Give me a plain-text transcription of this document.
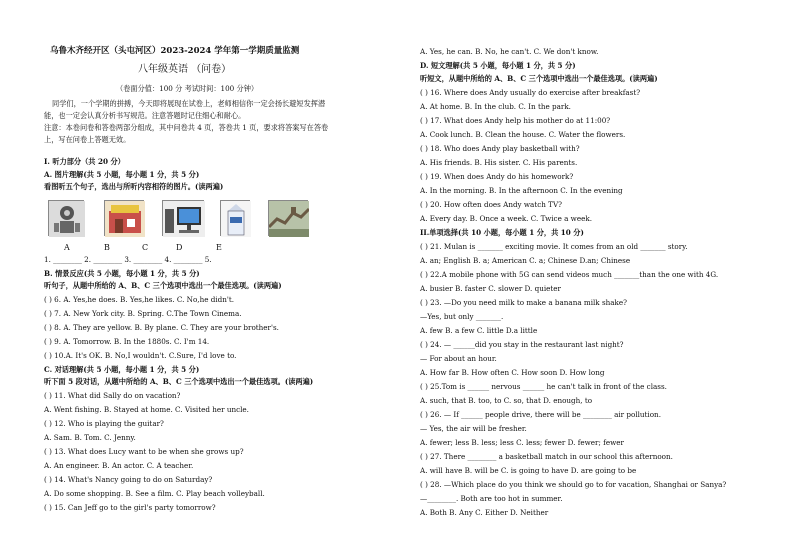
乌鲁木齐经开区（头屯河区）2023-2024 学年第一学期质量监测
八年级英语 （问卷）
（卷面分值：100 分 考试时间：100 分钟）
同学们，一个学期的拼搏，今天即将展现在试卷上，老师相信你一定会扬长避短发挥潜
能，也一定会认真分析书写规范。注意答题时记住细心和耐心。
注意：本卷问卷和答卷两部分组成，其中问卷共 4 页，答卷共 1 页，要求将答案写在答卷
上，写在问卷上答题无效。
I. 听力部分（共 20 分）
A. 图片理解(共 5 小题，每小题 1 分，共 5 分)
看图听五个句子，选出与所听内容相符的图片。(读两遍)
A	B	C	D	E
1. ________ 2. ________ 3. ________ 4. ________ 5.
B. 情景反应(共 5 小题，每小题 1 分，共 5 分)
听句子，从题中所给的 A、B、C 三个选项中选出一个最佳选项。(读两遍)
( ) 6. A. Yes,he does. B. Yes,he likes. C. No,he didn't.
( ) 7. A. New York city. B. Spring. C.The Town Cinema.
( ) 8. A. They are yellow. B. By plane. C. They are your brother's.
( ) 9. A. Tomorrow. B. In the 1880s. C. I'm 14.
( ) 10.A. It's OK. B. No,I wouldn't. C.Sure, I'd love to.
C. 对话理解(共 5 小题，每小题 1 分，共 5 分)
听下面 5 段对话，从题中所给的 A、B、C 三个选项中选出一个最佳选项。(读两遍)
( ) 11. What did Sally do on vacation?
A. Went fishing. B. Stayed at home. C. Visited her uncle.
( ) 12. Who is playing the guitar?
A. Sam. B. Tom. C. Jenny.
( ) 13. What does Lucy want to be when she grows up?
A. An engineer. B. An actor. C. A teacher.
( ) 14. What's Nancy going to do on Saturday?
A. Do some shopping. B. See a film. C. Play beach volleyball.
( ) 15. Can Jeff go to the girl's party tomorrow?
A. Yes, he can. B. No, he can't. C. We don't know.
D. 短文理解(共 5 小题，每小题 1 分，共 5 分)
听短文，从题中所给的 A、B、C 三个选项中选出一个最佳选项。(读两遍)
( ) 16. Where does Andy usually do exercise after breakfast?
A. At home. B. In the club. C. In the park.
( ) 17. What does Andy help his mother do at 11:00?
A. Cook lunch. B. Clean the house. C. Water the flowers.
( ) 18. Who does Andy play basketball with?
A. His friends. B. His sister. C. His parents.
( ) 19. When does Andy do his homework?
A. In the morning. B. In the afternoon C. In the evening
( ) 20. How often does Andy watch TV?
A. Every day. B. Once a week. C. Twice a week.
II.单项选择(共 10 小题，每小题 1 分，共 10 分)
( ) 21. Mulan is _______ exciting movie. It comes from an old _______ story.
A. an; English B. a; American C. a; Chinese D.an; Chinese
( ) 22.A mobile phone with 5G can send videos much _______than the one with 4G.
A. busier B. faster C. slower D. quieter
( ) 23. —Do you need milk to make a banana milk shake?
—Yes, but only _______.
A. few B. a few C. little D.a little
( ) 24. — ______did you stay in the restaurant last night?
— For about an hour.
A. How far B. How often C. How soon D. How long
( ) 25.Tom is ______ nervous ______ he can't talk in front of the class.
A. such, that B. too, to C. so, that D. enough, to
( ) 26. — If ______ people drive, there will be ________ air pollution.
— Yes, the air will be fresher.
A. fewer; less B. less; less C. less; fewer D. fewer; fewer
( ) 27. There ________ a basketball match in our school this afternoon.
A. will have B. will be C. is going to have D. are going to be
( ) 28. —Which place do you think we should go to for vacation, Shanghai or Sanya?
—________. Both are too hot in summer.
A. Both B. Any C. Either D. Neither
